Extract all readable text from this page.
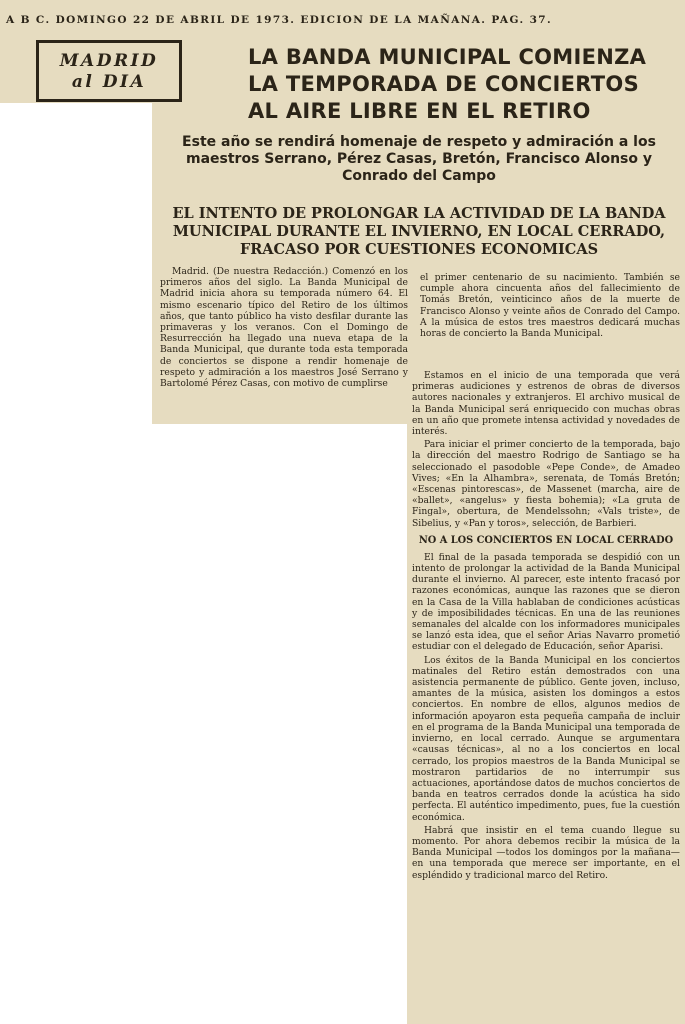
A B C. DOMINGO 22 DE ABRIL DE 1973. EDICION DE LA MAÑANA. PAG. 37.
MADRID
al DIA
LA BANDA MUNICIPAL COMIENZA
LA TEMPORADA DE CONCIERTOS
AL AIRE LIBRE EN EL RETIRO
Este año se rendirá homenaje de respeto y admiración a los maestros Serrano, Pérez Casas, Bretón, Francisco Alonso y Conrado del Campo
EL INTENTO DE PROLONGAR LA ACTIVIDAD DE LA BANDA MUNICIPAL DURANTE EL INVIERNO, EN LOCAL CERRADO, FRACASO POR CUESTIONES ECONOMICAS

Madrid. (De nuestra Redacción.) Comenzó en los primeros años del siglo. La Banda Municipal de Madrid inicia ahora su temporada número 64. El mismo escenario típico del Retiro de los últimos años, que tanto público ha visto desfilar durante las primaveras y los veranos. Con el Domingo de Resurrección ha llegado una nueva etapa de la Banda Municipal, que durante toda esta temporada de conciertos se dispone a rendir homenaje de respeto y admiración a los maestros José Serrano y Bartolomé Pérez Casas, con motivo de cumplirse

el primer centenario de su nacimiento. También se cumple ahora cincuenta años del fallecimiento de Tomás Bretón, veinticinco años de la muerte de Francisco Alonso y veinte años de Conrado del Campo. A la música de estos tres maestros dedicará muchas horas de concierto la Banda Municipal.

Estamos en el inicio de una temporada que verá primeras audiciones y estrenos de obras de diversos autores nacionales y extranjeros. El archivo musical de la Banda Municipal será enriquecido con muchas obras en un año que promete intensa actividad y novedades de interés.

Para iniciar el primer concierto de la temporada, bajo la dirección del maestro Rodrigo de Santiago se ha seleccionado el pasodoble «Pepe Conde», de Amadeo Vives; «En la Alhambra», serenata, de Tomás Bretón; «Escenas pintorescas», de Massenet (marcha, aire de «ballet», «angelus» y fiesta bohemia); «La gruta de Fingal», obertura, de Mendelssohn; «Vals triste», de Sibelius, y «Pan y toros», selección, de Barbieri.

NO A LOS CONCIERTOS EN LOCAL CERRADO

El final de la pasada temporada se despidió con un intento de prolongar la actividad de la Banda Municipal durante el invierno. Al parecer, este intento fracasó por razones económicas, aunque las razones que se dieron en la Casa de la Villa hablaban de condiciones acústicas y de imposibilidades técnicas. En una de las reuniones semanales del alcalde con los informadores municipales se lanzó esta idea, que el señor Arias Navarro prometió estudiar con el delegado de Educación, señor Aparisi.

Los éxitos de la Banda Municipal en los conciertos matinales del Retiro están demostrados con una asistencia permanente de público. Gente joven, incluso, amantes de la música, asisten los domingos a estos conciertos. En nombre de ellos, algunos medios de información apoyaron esta pequeña campaña de incluir en el programa de la Banda Municipal una temporada de invierno, en local cerrado. Aunque se argumentara «causas técnicas», al no a los conciertos en local cerrado, los propios maestros de la Banda Municipal se mostraron partidarios de no interrumpir sus actuaciones, aportándose datos de muchos conciertos de banda en teatros cerrados donde la acústica ha sido perfecta. El auténtico impedimento, pues, fue la cuestión económica.

Habrá que insistir en el tema cuando llegue su momento. Por ahora debemos recibir la música de la Banda Municipal —todos los domingos por la mañana— en una temporada que merece ser importante, en el espléndido y tradicional marco del Retiro.
